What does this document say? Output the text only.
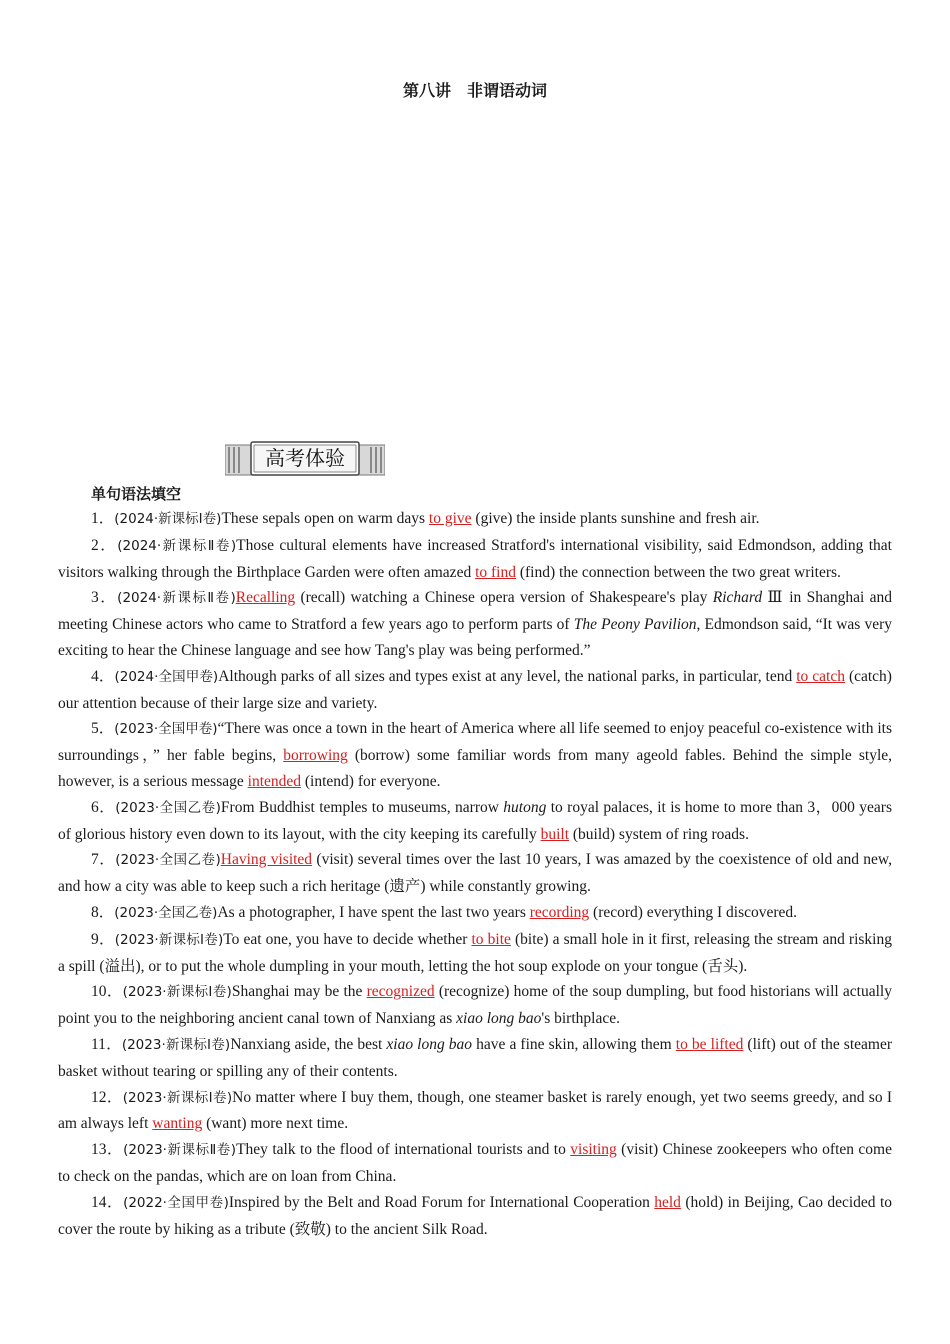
第八讲　非谓语动词
高考体验
单句语法填空

1．(2024·新课标Ⅰ卷)These sepals open on warm days to give (give) the inside plants sunshine and fresh air.

2．(2024·新课标Ⅱ卷)Those cultural elements have increased Stratford's international visibility, said Edmondson, adding that visitors walking through the Birthplace Garden were often amazed to find (find) the connection between the two great writers.

3．(2024·新课标Ⅱ卷)Recalling (recall) watching a Chinese opera version of Shakespeare's play Richard Ⅲ in Shanghai and meeting Chinese actors who came to Stratford a few years ago to perform parts of The Peony Pavilion, Edmondson said, “It was very exciting to hear the Chinese language and see how Tang's play was being performed.”

4．(2024·全国甲卷)Although parks of all sizes and types exist at any level, the national parks, in particular, tend to catch (catch) our attention because of their large size and variety.

5．(2023·全国甲卷)“There was once a town in the heart of America where all life seemed to enjoy peaceful co-existence with its surroundings，” her fable begins, borrowing (borrow) some familiar words from many ageold fables. Behind the simple style, however, is a serious message intended (intend) for everyone.

6．(2023·全国乙卷)From Buddhist temples to museums, narrow hutong to royal palaces, it is home to more than 3，000 years of glorious history even down to its layout, with the city keeping its carefully built (build) system of ring roads.

7．(2023·全国乙卷)Having visited (visit) several times over the last 10 years, I was amazed by the coexistence of old and new, and how a city was able to keep such a rich heritage (遗产) while constantly growing.

8．(2023·全国乙卷)As a photographer, I have spent the last two years recording (record) everything I discovered.

9．(2023·新课标Ⅰ卷)To eat one, you have to decide whether to bite (bite) a small hole in it first, releasing the stream and risking a spill (溢出), or to put the whole dumpling in your mouth, letting the hot soup explode on your tongue (舌头).

10．(2023·新课标Ⅰ卷)Shanghai may be the recognized (recognize) home of the soup dumpling, but food historians will actually point you to the neighboring ancient canal town of Nanxiang as xiao long bao's birthplace.

11．(2023·新课标Ⅰ卷)Nanxiang aside, the best xiao long bao have a fine skin, allowing them to be lifted (lift) out of the steamer basket without tearing or spilling any of their contents.

12．(2023·新课标Ⅰ卷)No matter where I buy them, though, one steamer basket is rarely enough, yet two seems greedy, and so I am always left wanting (want) more next time.

13．(2023·新课标Ⅱ卷)They talk to the flood of international tourists and to visiting (visit) Chinese zookeepers who often come to check on the pandas, which are on loan from China.

14．(2022·全国甲卷)Inspired by the Belt and Road Forum for International Cooperation held (hold) in Beijing, Cao decided to cover the route by hiking as a tribute (致敬) to the ancient Silk Road.
